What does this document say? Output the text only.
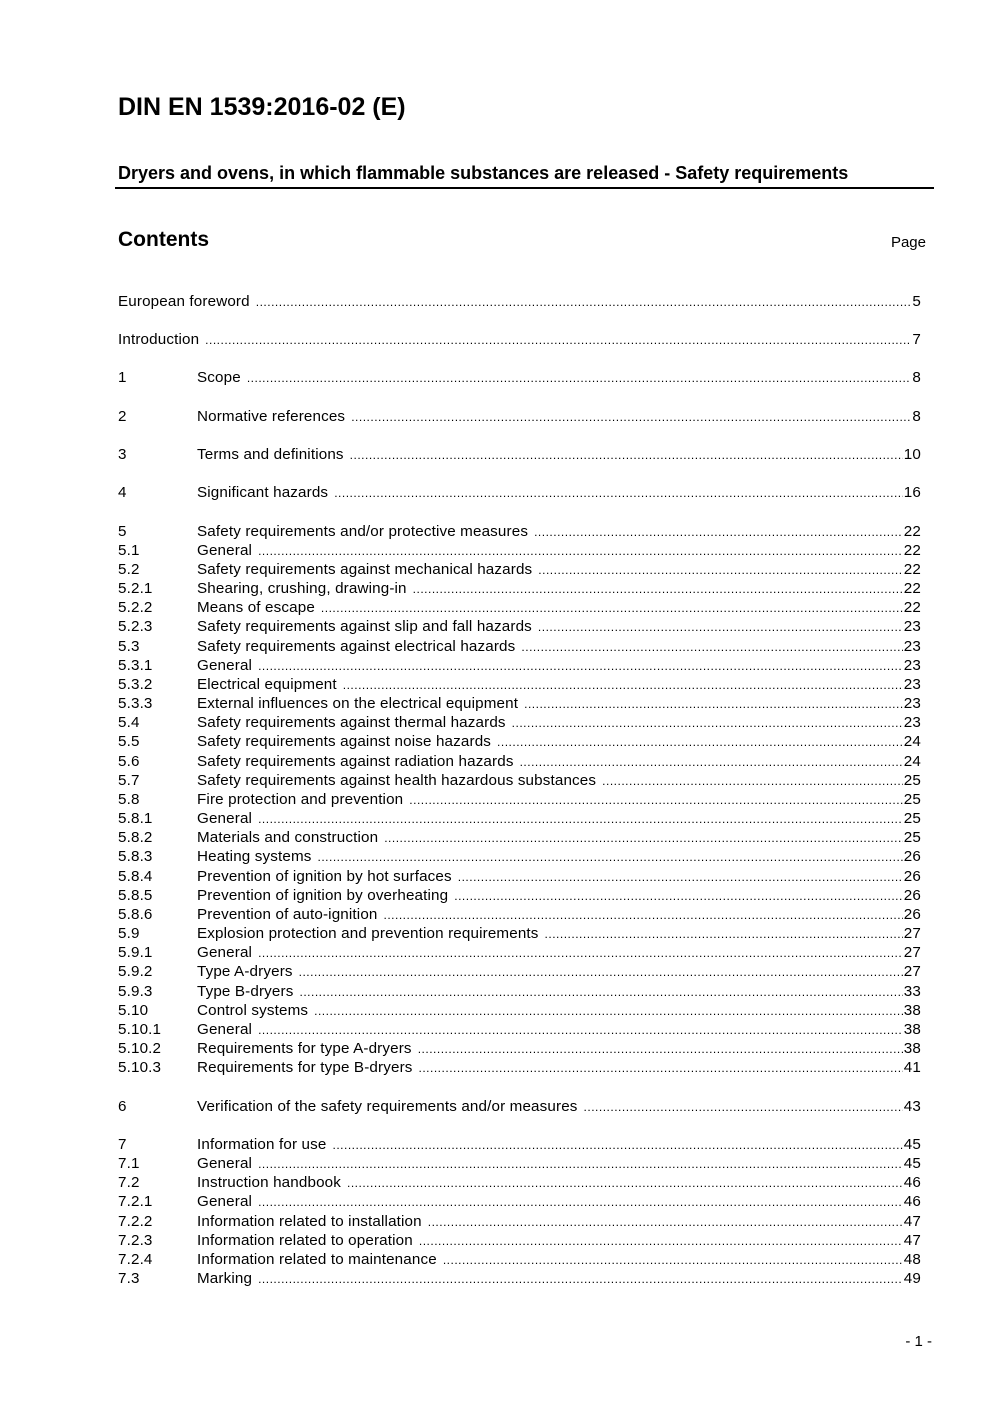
DIN EN 1539:2016-02 (E)
Dryers and ovens, in which flammable substances are released - Safety requirements
Contents	Page
European foreword .....	5
Introduction .....	7
1	Scope .....	8
2	Normative references .....	8
3	Terms and definitions .....	10
4	Significant hazards .....	16
5	Safety requirements and/or protective measures .....	22
5.1	General .....	22
5.2	Safety requirements against mechanical hazards .....	22
5.2.1	Shearing, crushing, drawing-in .....	22
5.2.2	Means of escape .....	22
5.2.3	Safety requirements against slip and fall hazards .....	23
5.3	Safety requirements against electrical hazards .....	23
5.3.1	General .....	23
5.3.2	Electrical equipment .....	23
5.3.3	External influences on the electrical equipment .....	23
5.4	Safety requirements against thermal hazards .....	23
5.5	Safety requirements against noise hazards .....	24
5.6	Safety requirements against radiation hazards .....	24
5.7	Safety requirements against health hazardous substances .....	25
5.8	Fire protection and prevention .....	25
5.8.1	General .....	25
5.8.2	Materials and construction .....	25
5.8.3	Heating systems .....	26
5.8.4	Prevention of ignition by hot surfaces .....	26
5.8.5	Prevention of ignition by overheating .....	26
5.8.6	Prevention of auto-ignition .....	26
5.9	Explosion protection and prevention requirements .....	27
5.9.1	General .....	27
5.9.2	Type A-dryers .....	27
5.9.3	Type B-dryers .....	33
5.10	Control systems .....	38
5.10.1	General .....	38
5.10.2	Requirements for type A-dryers .....	38
5.10.3	Requirements for type B-dryers .....	41
6	Verification of the safety requirements and/or measures .....	43
7	Information for use .....	45
7.1	General .....	45
7.2	Instruction handbook .....	46
7.2.1	General .....	46
7.2.2	Information related to installation .....	47
7.2.3	Information related to operation .....	47
7.2.4	Information related to maintenance .....	48
7.3	Marking .....	49
- 1 -
